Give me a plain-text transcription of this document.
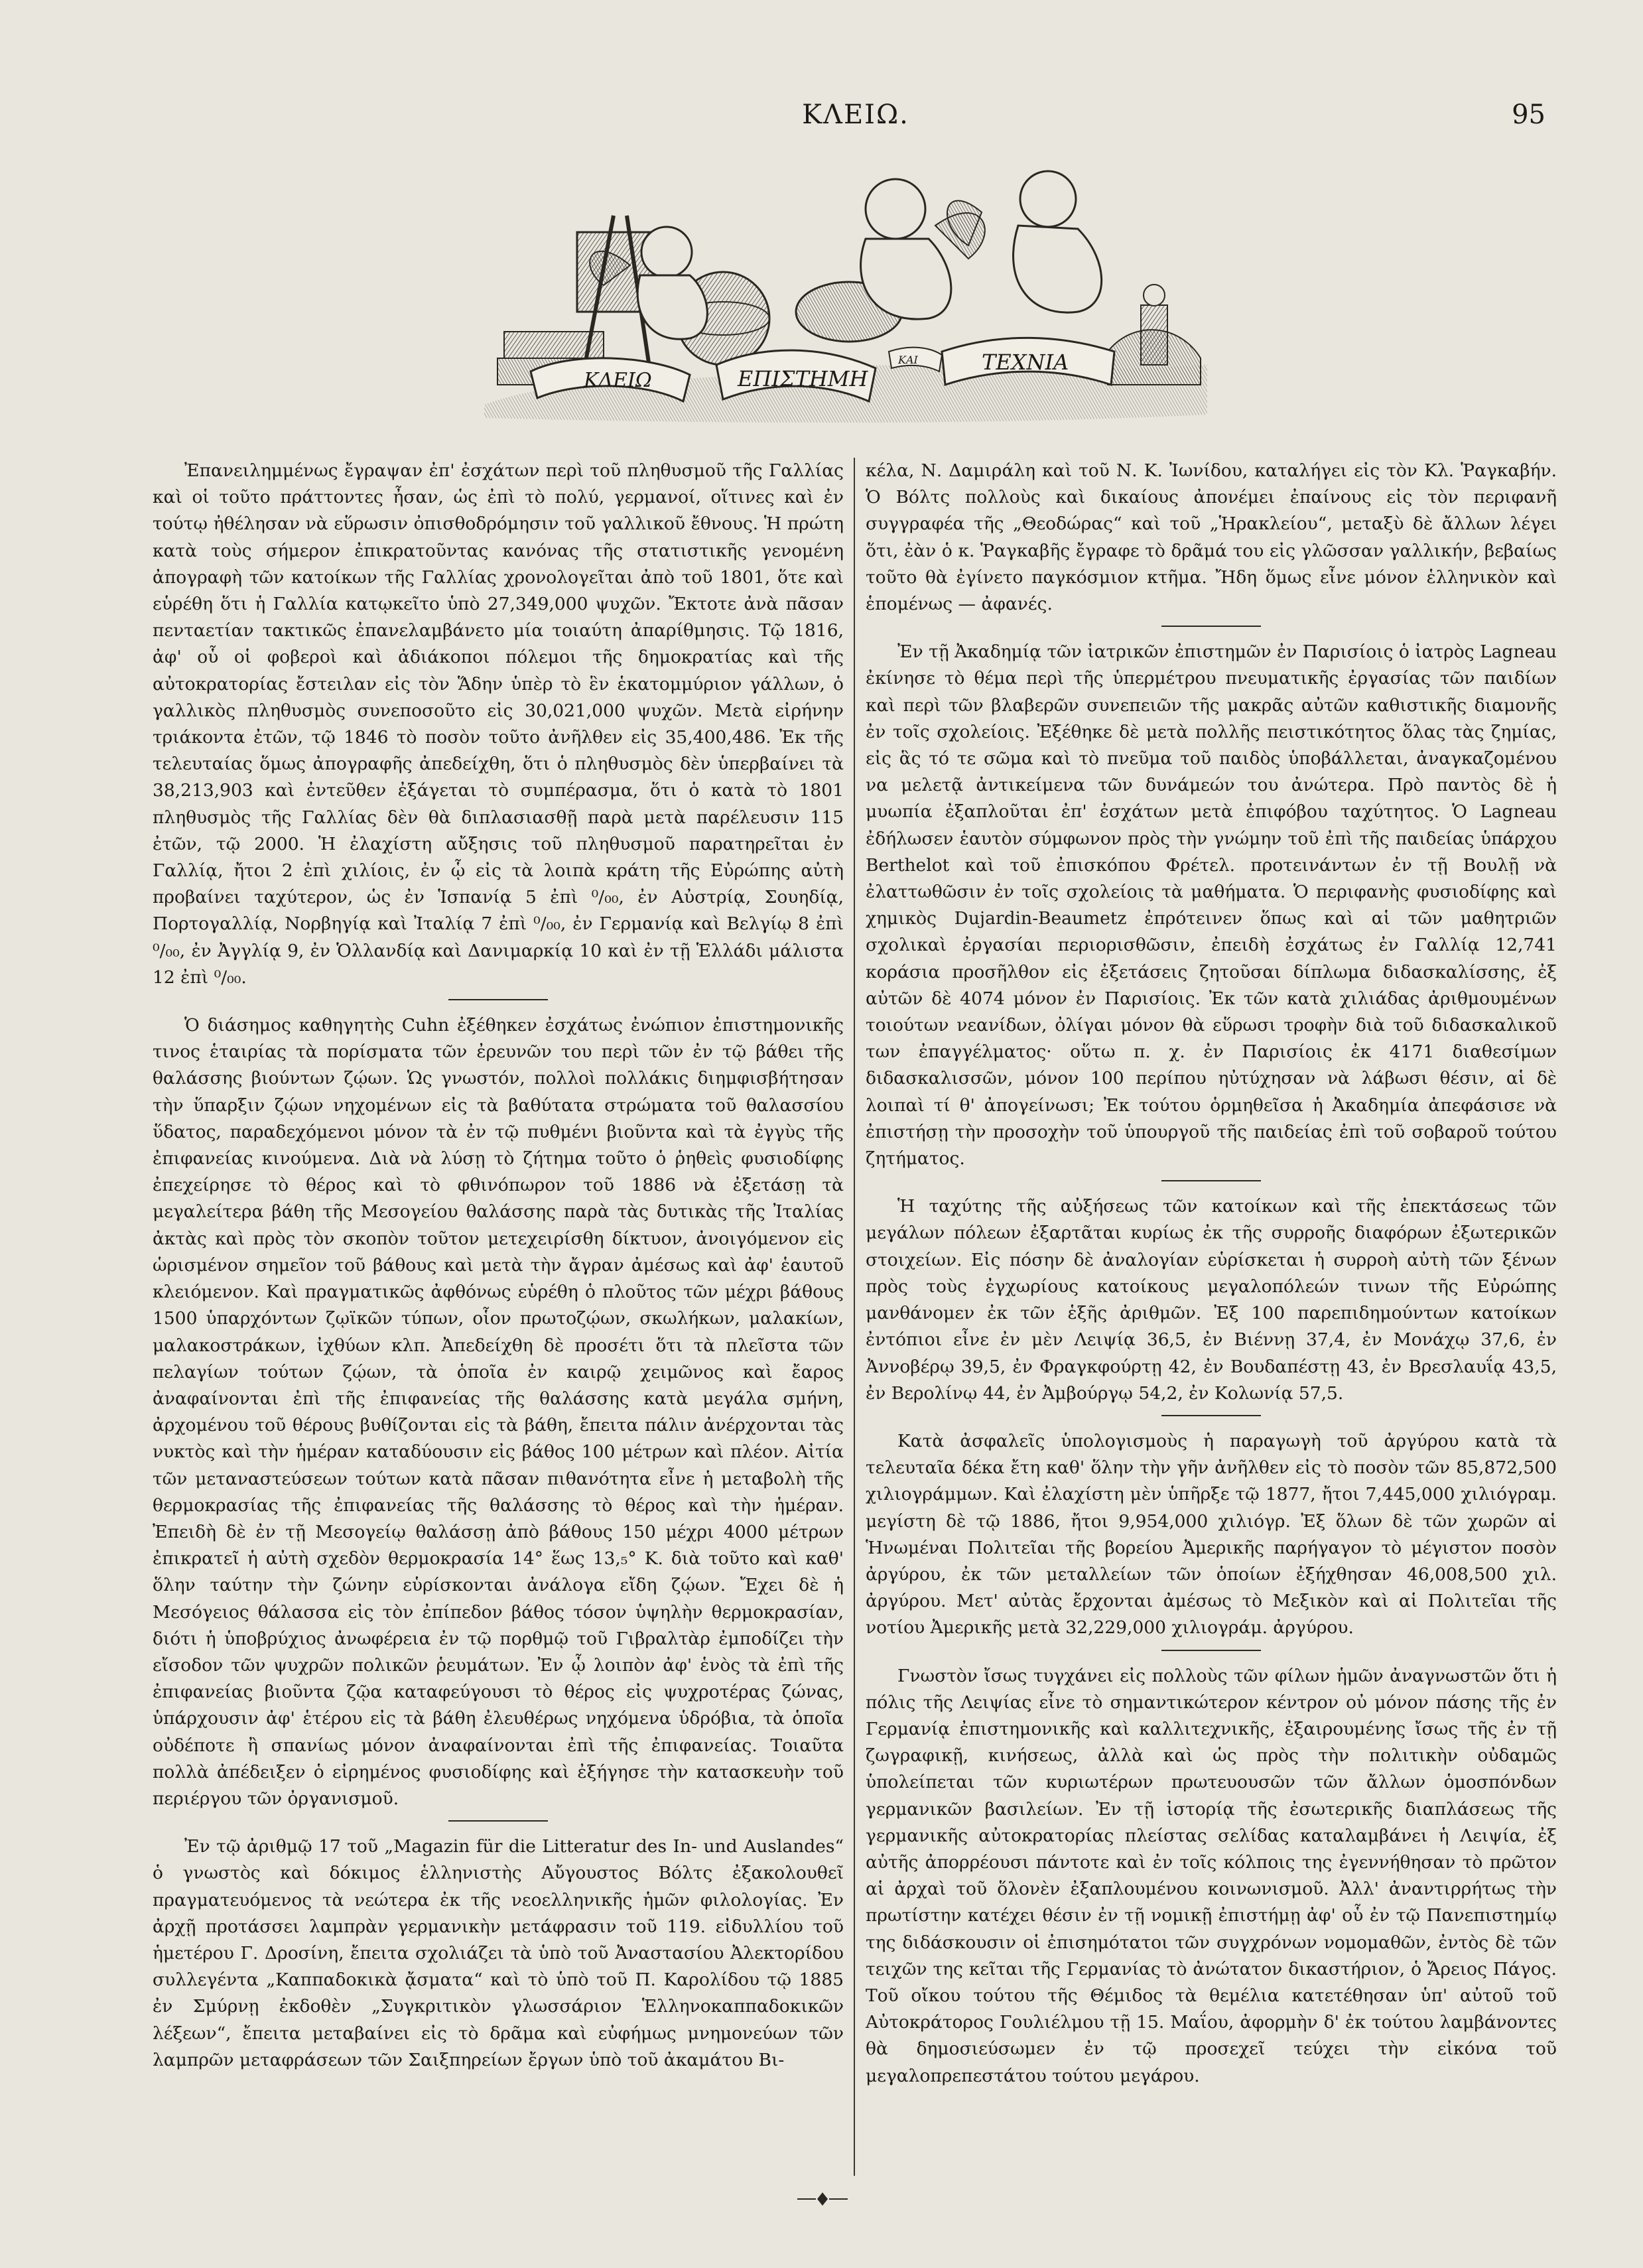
ΚΛΕΙΩ.	95
ΚΛΕΙΩ	ΕΠΙΣΤΗΜΗ
ΚΑΙ	ΤΕΧΝΙΑ

Ἐπανειλημμένως ἔγραψαν ἐπ' ἐσχάτων περὶ τοῦ πληθυσμοῦ τῆς Γαλλίας καὶ οἱ τοῦτο πράττοντες ἦσαν, ὡς ἐπὶ τὸ πολύ, γερμανοί, οἵτινες καὶ ἐν τούτῳ ἠθέλησαν νὰ εὕρωσιν ὀπισθοδρόμησιν τοῦ γαλλικοῦ ἔθνους. Ἡ πρώτη κατὰ τοὺς σήμερον ἐπικρατοῦντας κανόνας τῆς στατιστικῆς γενομένη ἀπογραφὴ τῶν κατοίκων τῆς Γαλλίας χρονολογεῖται ἀπὸ τοῦ 1801, ὅτε καὶ εὑρέθη ὅτι ἡ Γαλλία κατῳκεῖτο ὑπὸ 27,349,000 ψυχῶν. Ἔκτοτε ἀνὰ πᾶσαν πενταετίαν τακτικῶς ἐπανελαμβάνετο μία τοιαύτη ἀπαρίθμησις. Τῷ 1816, ἀφ' οὗ οἱ φοβεροὶ καὶ ἀδιάκοποι πόλεμοι τῆς δημοκρατίας καὶ τῆς αὐτοκρατορίας ἔστειλαν εἰς τὸν Ἅδην ὑπὲρ τὸ ἓν ἑκατομμύριον γάλλων, ὁ γαλλικὸς πληθυσμὸς συνεποσοῦτο εἰς 30,021,000 ψυχῶν. Μετὰ εἰρήνην τριάκοντα ἐτῶν, τῷ 1846 τὸ ποσὸν τοῦτο ἀνῆλθεν εἰς 35,400,486. Ἐκ τῆς τελευταίας ὅμως ἀπογραφῆς ἀπεδείχθη, ὅτι ὁ πληθυσμὸς δὲν ὑπερβαίνει τὰ 38,213,903 καὶ ἐντεῦθεν ἐξάγεται τὸ συμπέρασμα, ὅτι ὁ κατὰ τὸ 1801 πληθυσμὸς τῆς Γαλλίας δὲν θὰ διπλασιασθῇ παρὰ μετὰ παρέλευσιν 115 ἐτῶν, τῷ 2000. Ἡ ἐλαχίστη αὔξησις τοῦ πληθυσμοῦ παρατηρεῖται ἐν Γαλλίᾳ, ἤτοι 2 ἐπὶ χιλίοις, ἐν ᾧ εἰς τὰ λοιπὰ κράτη τῆς Εὐρώπης αὐτὴ προβαίνει ταχύτερον, ὡς ἐν Ἱσπανίᾳ 5 ἐπὶ ⁰/₀₀, ἐν Αὐστρίᾳ, Σουηδίᾳ, Πορτογαλλίᾳ, Νορβηγίᾳ καὶ Ἰταλίᾳ 7 ἐπὶ ⁰/₀₀, ἐν Γερμανίᾳ καὶ Βελγίῳ 8 ἐπὶ ⁰/₀₀, ἐν Ἀγγλίᾳ 9, ἐν Ὁλλανδίᾳ καὶ Δανιμαρκίᾳ 10 καὶ ἐν τῇ Ἑλλάδι μάλιστα 12 ἐπὶ ⁰/₀₀.

Ὁ διάσημος καθηγητὴς Cuhn ἐξέθηκεν ἐσχάτως ἐνώπιον ἐπιστημονικῆς τινος ἑταιρίας τὰ πορίσματα τῶν ἐρευνῶν του περὶ τῶν ἐν τῷ βάθει τῆς θαλάσσης βιούντων ζῴων. Ὡς γνωστόν, πολλοὶ πολλάκις διημφισβήτησαν τὴν ὕπαρξιν ζῴων νηχομένων εἰς τὰ βαθύτατα στρώματα τοῦ θαλασσίου ὕδατος, παραδεχόμενοι μόνον τὰ ἐν τῷ πυθμένι βιοῦντα καὶ τὰ ἐγγὺς τῆς ἐπιφανείας κινούμενα. Διὰ νὰ λύσῃ τὸ ζήτημα τοῦτο ὁ ῥηθεὶς φυσιοδίφης ἐπεχείρησε τὸ θέρος καὶ τὸ φθινόπωρον τοῦ 1886 νὰ ἐξετάσῃ τὰ μεγαλείτερα βάθη τῆς Μεσογείου θαλάσσης παρὰ τὰς δυτικὰς τῆς Ἰταλίας ἀκτὰς καὶ πρὸς τὸν σκοπὸν τοῦτον μετεχειρίσθη δίκτυον, ἀνοιγόμενον εἰς ὡρισμένον σημεῖον τοῦ βάθους καὶ μετὰ τὴν ἄγραν ἀμέσως καὶ ἀφ' ἑαυτοῦ κλειόμενον. Καὶ πραγματικῶς ἀφθόνως εὑρέθη ὁ πλοῦτος τῶν μέχρι βάθους 1500 ὑπαρχόντων ζῳϊκῶν τύπων, οἷον πρωτοζῴων, σκωλήκων, μαλακίων, μαλακοστράκων, ἰχθύων κλπ. Ἀπεδείχθη δὲ προσέτι ὅτι τὰ πλεῖστα τῶν πελαγίων τούτων ζῴων, τὰ ὁποῖα ἐν καιρῷ χειμῶνος καὶ ἔαρος ἀναφαίνονται ἐπὶ τῆς ἐπιφανείας τῆς θαλάσσης κατὰ μεγάλα σμήνη, ἀρχομένου τοῦ θέρους βυθίζονται εἰς τὰ βάθη, ἔπειτα πάλιν ἀνέρχονται τὰς νυκτὸς καὶ τὴν ἡμέραν καταδύουσιν εἰς βάθος 100 μέτρων καὶ πλέον. Αἰτία τῶν μεταναστεύσεων τούτων κατὰ πᾶσαν πιθανότητα εἶνε ἡ μεταβολὴ τῆς θερμοκρασίας τῆς ἐπιφανείας τῆς θαλάσσης τὸ θέρος καὶ τὴν ἡμέραν. Ἐπειδὴ δὲ ἐν τῇ Μεσογείῳ θαλάσσῃ ἀπὸ βάθους 150 μέχρι 4000 μέτρων ἐπικρατεῖ ἡ αὐτὴ σχεδὸν θερμοκρασία 14° ἕως 13,₅° Κ. διὰ τοῦτο καὶ καθ' ὅλην ταύτην τὴν ζώνην εὑρίσκονται ἀνάλογα εἴδη ζῴων. Ἔχει δὲ ἡ Μεσόγειος θάλασσα εἰς τὸν ἐπίπεδον βάθος τόσον ὑψηλὴν θερμοκρασίαν, διότι ἡ ὑποβρύχιος ἀνωφέρεια ἐν τῷ πορθμῷ τοῦ Γιβραλτὰρ ἐμποδίζει τὴν εἴσοδον τῶν ψυχρῶν πολικῶν ῥευμάτων. Ἐν ᾧ λοιπὸν ἀφ' ἑνὸς τὰ ἐπὶ τῆς ἐπιφανείας βιοῦντα ζῷα καταφεύγουσι τὸ θέρος εἰς ψυχροτέρας ζώνας, ὑπάρχουσιν ἀφ' ἑτέρου εἰς τὰ βάθη ἐλευθέρως νηχόμενα ὑδρόβια, τὰ ὁποῖα οὐδέποτε ἢ σπανίως μόνον ἀναφαίνονται ἐπὶ τῆς ἐπιφανείας. Τοιαῦτα πολλὰ ἀπέδειξεν ὁ εἰρημένος φυσιοδίφης καὶ ἐξήγησε τὴν κατασκευὴν τοῦ περιέργου τῶν ὀργανισμοῦ.

Ἐν τῷ ἀριθμῷ 17 τοῦ „Magazin für die Litteratur des In- und Auslandes“ ὁ γνωστὸς καὶ δόκιμος ἑλληνιστὴς Αὔγουστος Βόλτς ἐξακολουθεῖ πραγματευόμενος τὰ νεώτερα ἐκ τῆς νεοελληνικῆς ἡμῶν φιλολογίας. Ἐν ἀρχῇ προτάσσει λαμπρὰν γερμανικὴν μετάφρασιν τοῦ 119. εἰδυλλίου τοῦ ἡμετέρου Γ. Δροσίνη, ἔπειτα σχολιάζει τὰ ὑπὸ τοῦ Ἀναστασίου Ἀλεκτορίδου συλλεγέντα „Καππαδοκικὰ ᾄσματα“ καὶ τὸ ὑπὸ τοῦ Π. Καρολίδου τῷ 1885 ἐν Σμύρνῃ ἐκδοθὲν „Συγκριτικὸν γλωσσάριον Ἑλληνοκαππαδοκικῶν λέξεων“, ἔπειτα μεταβαίνει εἰς τὸ δρᾶμα καὶ εὐφήμως μνημονεύων τῶν λαμπρῶν μεταφράσεων τῶν Σαιξπηρείων ἔργων ὑπὸ τοῦ ἀκαμάτου Βι-

κέλα, Ν. Δαμιράλη καὶ τοῦ Ν. Κ. Ἰωνίδου, καταλήγει εἰς τὸν Κλ. Ῥαγκαβήν. Ὁ Βόλτς πολλοὺς καὶ δικαίους ἀπονέμει ἐπαίνους εἰς τὸν περιφανῆ συγγραφέα τῆς „Θεοδώρας“ καὶ τοῦ „Ἡρακλείου“, μεταξὺ δὲ ἄλλων λέγει ὅτι, ἐὰν ὁ κ. Ῥαγκαβῆς ἔγραφε τὸ δρᾶμά του εἰς γλῶσσαν γαλλικήν, βεβαίως τοῦτο θὰ ἐγίνετο παγκόσμιον κτῆμα. Ἤδη ὅμως εἶνε μόνον ἑλληνικὸν καὶ ἑπομένως — ἀφανές.

Ἐν τῇ Ἀκαδημίᾳ τῶν ἰατρικῶν ἐπιστημῶν ἐν Παρισίοις ὁ ἰατρὸς Lagneau ἐκίνησε τὸ θέμα περὶ τῆς ὑπερμέτρου πνευματικῆς ἐργασίας τῶν παιδίων καὶ περὶ τῶν βλαβερῶν συνεπειῶν τῆς μακρᾶς αὐτῶν καθιστικῆς διαμονῆς ἐν τοῖς σχολείοις. Ἐξέθηκε δὲ μετὰ πολλῆς πειστικότητος ὅλας τὰς ζημίας, εἰς ἃς τό τε σῶμα καὶ τὸ πνεῦμα τοῦ παιδὸς ὑποβάλλεται, ἀναγκαζομένου να μελετᾷ ἀντικείμενα τῶν δυνάμεών του ἀνώτερα. Πρὸ παντὸς δὲ ἡ μυωπία ἐξαπλοῦται ἐπ' ἐσχάτων μετὰ ἐπιφόβου ταχύτητος. Ὁ Lagneau ἐδήλωσεν ἑαυτὸν σύμφωνον πρὸς τὴν γνώμην τοῦ ἐπὶ τῆς παιδείας ὑπάρχου Berthelot καὶ τοῦ ἐπισκόπου Φρέτελ. προτεινάντων ἐν τῇ Βουλῇ νὰ ἐλαττωθῶσιν ἐν τοῖς σχολείοις τὰ μαθήματα. Ὁ περιφανὴς φυσιοδίφης καὶ χημικὸς Dujardin-Beaumetz ἐπρότεινεν ὅπως καὶ αἱ τῶν μαθητριῶν σχολικαὶ ἐργασίαι περιορισθῶσιν, ἐπειδὴ ἐσχάτως ἐν Γαλλίᾳ 12,741 κοράσια προσῆλθον εἰς ἐξετάσεις ζητοῦσαι δίπλωμα διδασκαλίσσης, ἐξ αὐτῶν δὲ 4074 μόνον ἐν Παρισίοις. Ἐκ τῶν κατὰ χιλιάδας ἀριθμουμένων τοιούτων νεανίδων, ὀλίγαι μόνον θὰ εὕρωσι τροφὴν διὰ τοῦ διδασκαλικοῦ των ἐπαγγέλματος· οὕτω π. χ. ἐν Παρισίοις ἐκ 4171 διαθεσίμων διδασκαλισσῶν, μόνον 100 περίπου ηὐτύχησαν νὰ λάβωσι θέσιν, αἱ δὲ λοιπαὶ τί θ' ἀπογείνωσι; Ἐκ τούτου ὁρμηθεῖσα ἡ Ἀκαδημία ἀπεφάσισε νὰ ἐπιστήσῃ τὴν προσοχὴν τοῦ ὑπουργοῦ τῆς παιδείας ἐπὶ τοῦ σοβαροῦ τούτου ζητήματος.

Ἡ ταχύτης τῆς αὐξήσεως τῶν κατοίκων καὶ τῆς ἐπεκτάσεως τῶν μεγάλων πόλεων ἐξαρτᾶται κυρίως ἐκ τῆς συρροῆς διαφόρων ἐξωτερικῶν στοιχείων. Εἰς πόσην δὲ ἀναλογίαν εὑρίσκεται ἡ συρροὴ αὐτὴ τῶν ξένων πρὸς τοὺς ἐγχωρίους κατοίκους μεγαλοπόλεών τινων τῆς Εὐρώπης μανθάνομεν ἐκ τῶν ἑξῆς ἀριθμῶν. Ἐξ 100 παρεπιδημούντων κατοίκων ἐντόπιοι εἶνε ἐν μὲν Λειψίᾳ 36,5, ἐν Βιέννῃ 37,4, ἐν Μονάχῳ 37,6, ἐν Ἀννοβέρῳ 39,5, ἐν Φραγκφούρτῃ 42, ἐν Βουδαπέστῃ 43, ἐν Βρεσλαυΐᾳ 43,5, ἐν Βερολίνῳ 44, ἐν Ἀμβούργῳ 54,2, ἐν Κολωνίᾳ 57,5.

Κατὰ ἀσφαλεῖς ὑπολογισμοὺς ἡ παραγωγὴ τοῦ ἀργύρου κατὰ τὰ τελευταῖα δέκα ἔτη καθ' ὅλην τὴν γῆν ἀνῆλθεν εἰς τὸ ποσὸν τῶν 85,872,500 χιλιογράμμων. Καὶ ἐλαχίστη μὲν ὑπῆρξε τῷ 1877, ἤτοι 7,445,000 χιλιόγραμ. μεγίστη δὲ τῷ 1886, ἤτοι 9,954,000 χιλιόγρ. Ἐξ ὅλων δὲ τῶν χωρῶν αἱ Ἡνωμέναι Πολιτεῖαι τῆς βορείου Ἀμερικῆς παρήγαγον τὸ μέγιστον ποσὸν ἀργύρου, ἐκ τῶν μεταλλείων τῶν ὁποίων ἐξήχθησαν 46,008,500 χιλ. ἀργύρου. Μετ' αὐτὰς ἔρχονται ἀμέσως τὸ Μεξικὸν καὶ αἱ Πολιτεῖαι τῆς νοτίου Ἀμερικῆς μετὰ 32,229,000 χιλιογράμ. ἀργύρου.

Γνωστὸν ἴσως τυγχάνει εἰς πολλοὺς τῶν φίλων ἡμῶν ἀναγνωστῶν ὅτι ἡ πόλις τῆς Λειψίας εἶνε τὸ σημαντικώτερον κέντρον οὐ μόνον πάσης τῆς ἐν Γερμανίᾳ ἐπιστημονικῆς καὶ καλλιτεχνικῆς, ἐξαιρουμένης ἴσως τῆς ἐν τῇ ζωγραφικῇ, κινήσεως, ἀλλὰ καὶ ὡς πρὸς τὴν πολιτικὴν οὐδαμῶς ὑπολείπεται τῶν κυριωτέρων πρωτευουσῶν τῶν ἄλλων ὁμοσπόνδων γερμανικῶν βασιλείων. Ἐν τῇ ἱστορίᾳ τῆς ἐσωτερικῆς διαπλάσεως τῆς γερμανικῆς αὐτοκρατορίας πλείστας σελίδας καταλαμβάνει ἡ Λειψία, ἐξ αὐτῆς ἀπορρέουσι πάντοτε καὶ ἐν τοῖς κόλποις της ἐγεννήθησαν τὸ πρῶτον αἱ ἀρχαὶ τοῦ ὅλονὲν ἐξαπλουμένου κοινωνισμοῦ. Ἀλλ' ἀναντιρρήτως τὴν πρωτίστην κατέχει θέσιν ἐν τῇ νομικῇ ἐπιστήμῃ ἀφ' οὗ ἐν τῷ Πανεπιστημίῳ της διδάσκουσιν οἱ ἐπισημότατοι τῶν συγχρόνων νομομαθῶν, ἐντὸς δὲ τῶν τειχῶν της κεῖται τῆς Γερμανίας τὸ ἀνώτατον δικαστήριον, ὁ Ἄρειος Πάγος. Τοῦ οἴκου τούτου τῆς Θέμιδος τὰ θεμέλια κατετέθησαν ὑπ' αὐτοῦ τοῦ Αὐτοκράτορος Γουλιέλμου τῇ 15. Μαΐου, ἀφορμὴν δ' ἐκ τούτου λαμβάνοντες θὰ δημοσιεύσωμεν ἐν τῷ προσεχεῖ τεύχει τὴν εἰκόνα τοῦ μεγαλοπρεπεστάτου τούτου μεγάρου.
